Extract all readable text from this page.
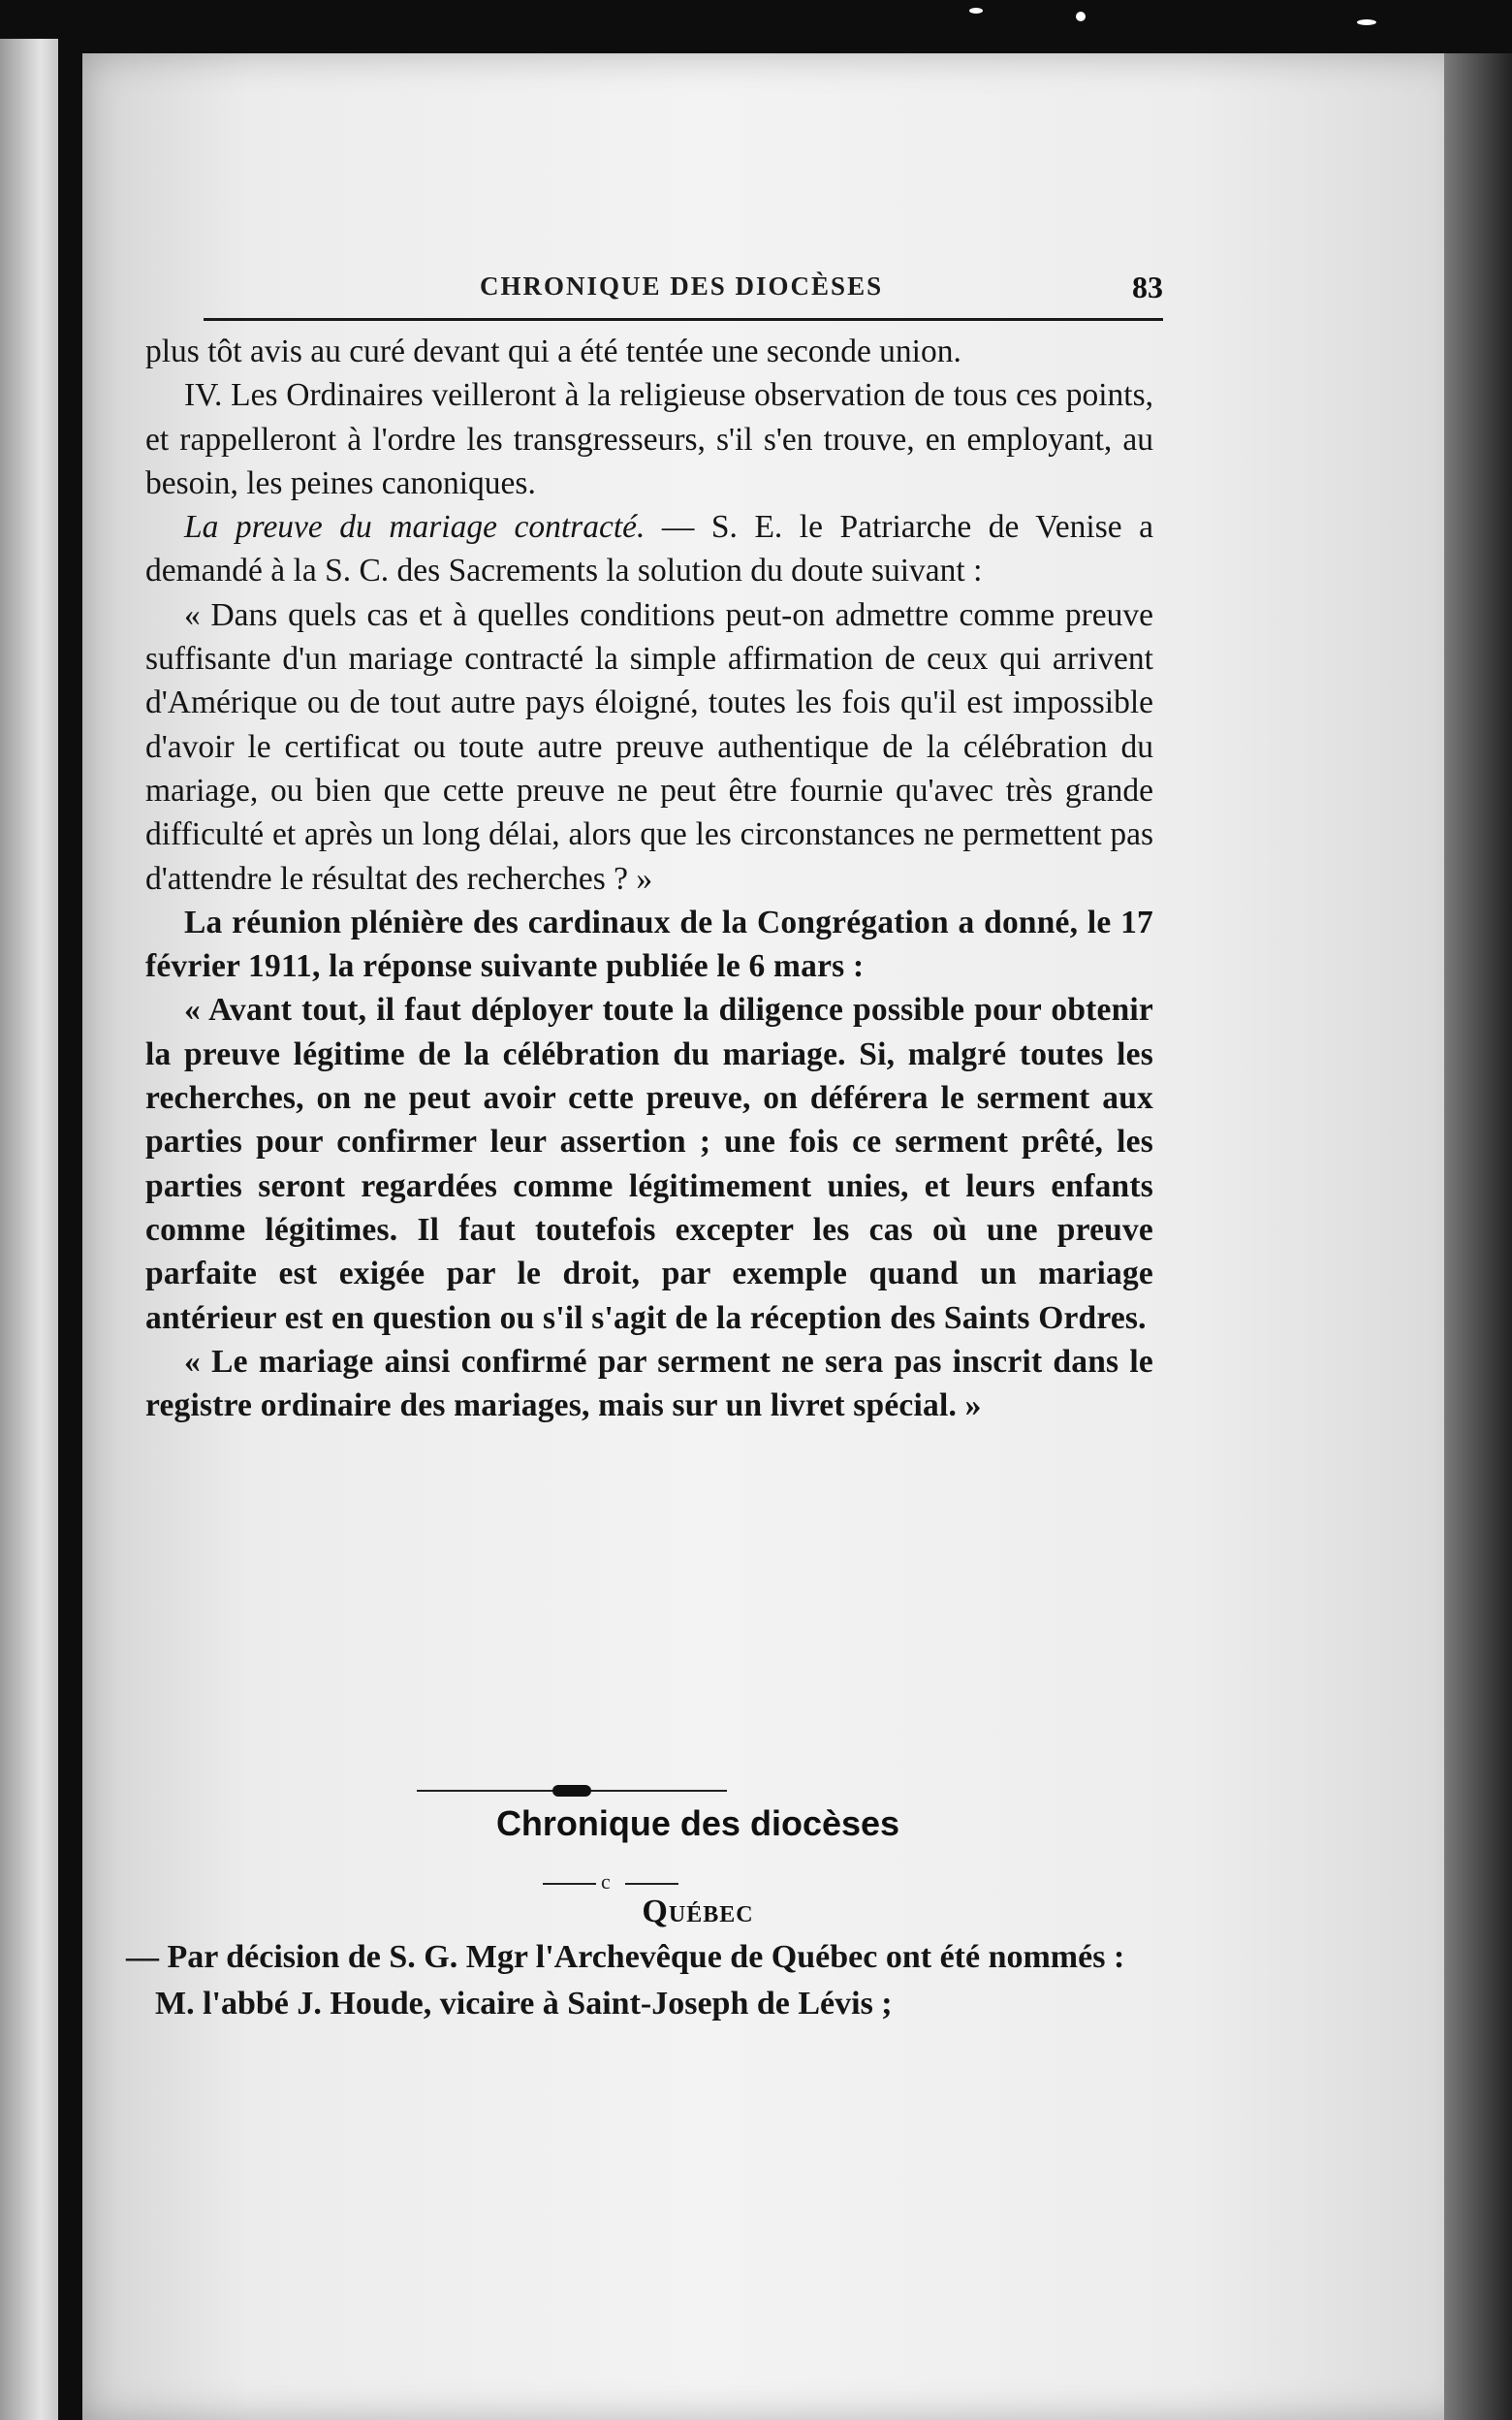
CHRONIQUE DES DIOCÈSES	83

plus tôt avis au curé devant qui a été tentée une seconde union.

IV. Les Ordinaires veilleront à la religieuse observation de tous ces points, et rappelleront à l'ordre les transgresseurs, s'il s'en trouve, en employant, au besoin, les peines canoniques.

La preuve du mariage contracté. — S. E. le Patriarche de Venise a demandé à la S. C. des Sacrements la solution du doute suivant :

« Dans quels cas et à quelles conditions peut-on admettre comme preuve suffisante d'un mariage contracté la simple affirmation de ceux qui arrivent d'Amérique ou de tout autre pays éloigné, toutes les fois qu'il est impossible d'avoir le certificat ou toute autre preuve authentique de la célébration du mariage, ou bien que cette preuve ne peut être fournie qu'avec très grande difficulté et après un long délai, alors que les circonstances ne permettent pas d'attendre le résultat des recherches ? »

La réunion plénière des cardinaux de la Congrégation a donné, le 17 février 1911, la réponse suivante publiée le 6 mars :

« Avant tout, il faut déployer toute la diligence possible pour obtenir la preuve légitime de la célébration du mariage. Si, malgré toutes les recherches, on ne peut avoir cette preuve, on déférera le serment aux parties pour confirmer leur assertion ; une fois ce serment prêté, les parties seront regardées comme légitimement unies, et leurs enfants comme légitimes. Il faut toutefois excepter les cas où une preuve parfaite est exigée par le droit, par exemple quand un mariage antérieur est en question ou s'il s'agit de la réception des Saints Ordres.

« Le mariage ainsi confirmé par serment ne sera pas inscrit dans le registre ordinaire des mariages, mais sur un livret spécial. »

Chronique des diocèses
c
Québec

— Par décision de S. G. Mgr l'Archevêque de Québec ont été nommés :

M. l'abbé J. Houde, vicaire à Saint-Joseph de Lévis ;
